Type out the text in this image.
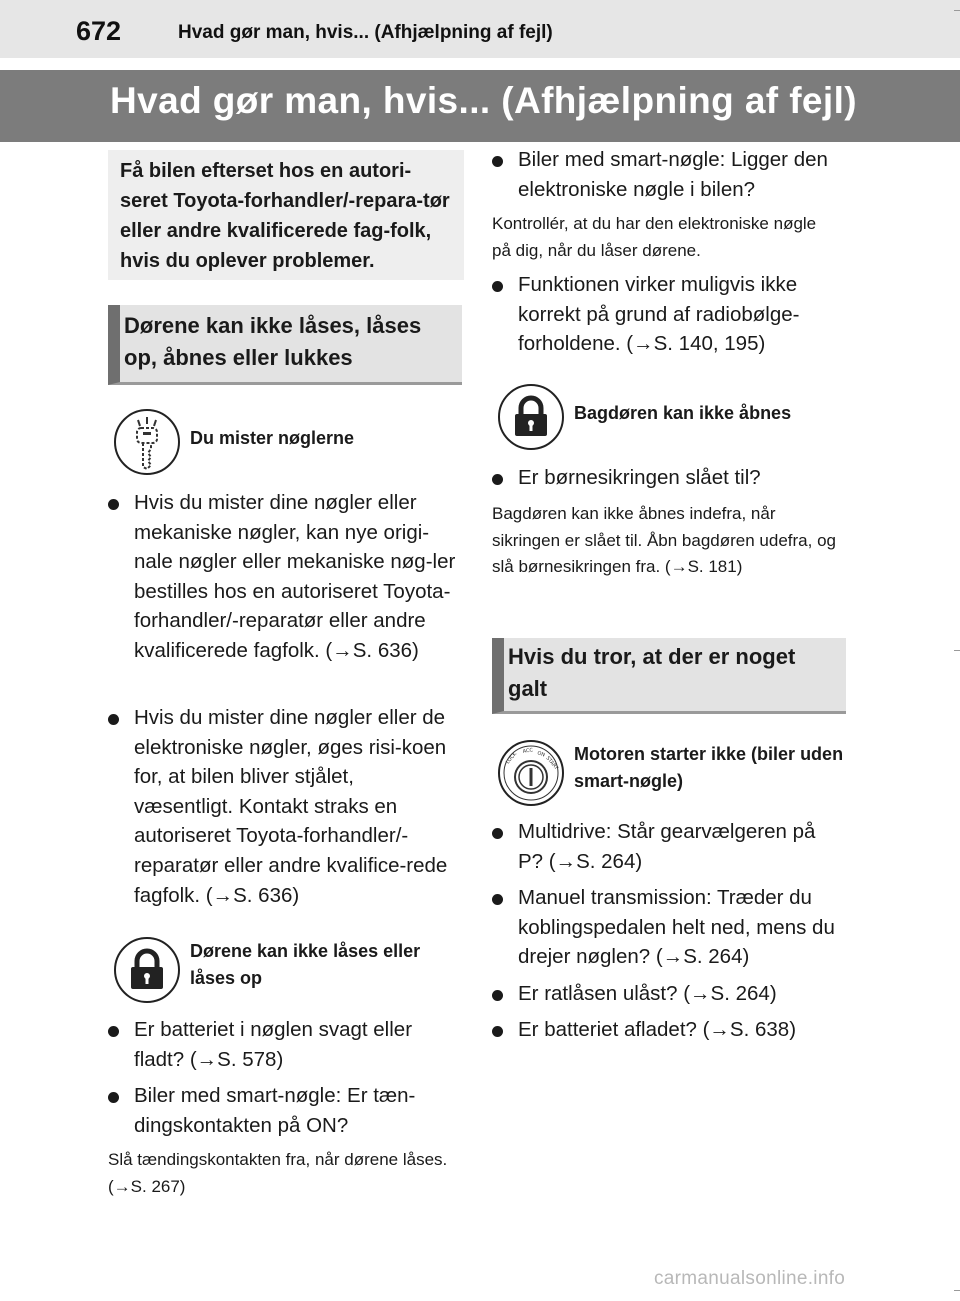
672	Hvad gør man, hvis... (Afhjælpning af fejl)
Hvad gør man, hvis... (Afhjælpning af fejl)
Få bilen efterset hos en autori-seret Toyota-forhandler/-repara-tør eller andre kvalificerede fag-folk, hvis du oplever problemer.
Dørene kan ikke låses, låses op, åbnes eller lukkes
Du mister nøglerne
Hvis du mister dine nøgler eller mekaniske nøgler, kan nye origi-nale nøgler eller mekaniske nøg-ler bestilles hos en autoriseret Toyota-forhandler/-reparatør eller andre kvalificerede fagfolk. (→S. 636)
Hvis du mister dine nøgler eller de elektroniske nøgler, øges risi-koen for, at bilen bliver stjålet, væsentligt. Kontakt straks en autoriseret Toyota-forhandler/-reparatør eller andre kvalifice-rede fagfolk. (→S. 636)
Dørene kan ikke låses eller låses op
Er batteriet i nøglen svagt eller fladt? (→S. 578)
Biler med smart-nøgle: Er tæn-dingskontakten på ON?
Slå tændingskontakten fra, når dørene låses. (→S. 267)
Biler med smart-nøgle: Ligger den elektroniske nøgle i bilen?
Kontrollér, at du har den elektroniske nøgle på dig, når du låser dørene.
Funktionen virker muligvis ikke korrekt på grund af radiobølge-forholdene. (→S. 140, 195)
Bagdøren kan ikke åbnes
Er børnesikringen slået til?
Bagdøren kan ikke åbnes indefra, når sikringen er slået til. Åbn bagdøren udefra, og slå børnesikringen fra. (→S. 181)
Hvis du tror, at der er noget galt
LOCK
ACC ON
START Motoren starter ikke (biler uden smart-nøgle)
Multidrive: Står gearvælgeren på P? (→S. 264)
Manuel transmission: Træder du koblingspedalen helt ned, mens du drejer nøglen? (→S. 264)
Er ratlåsen ulåst? (→S. 264)
Er batteriet afladet? (→S. 638)
carmanualsonline.info
